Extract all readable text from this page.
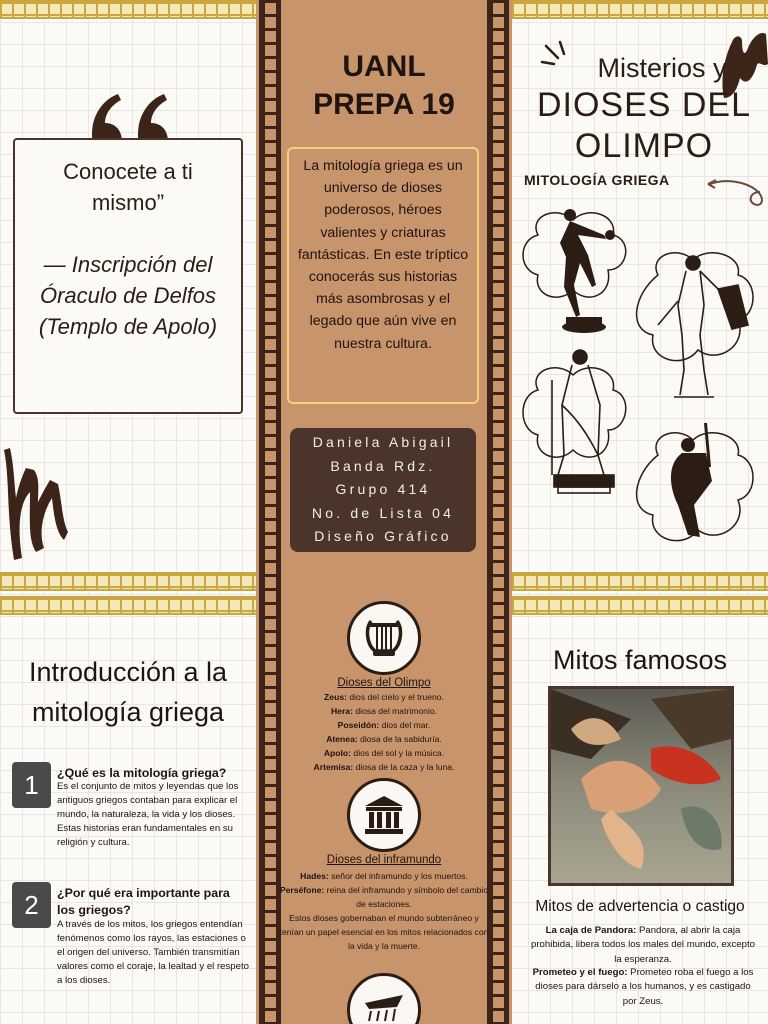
Conocete a ti mismo”
— Inscripción del Óraculo de Delfos (Templo de Apolo)
Introducción a la mitología griega
1	¿Qué es la mitología griega?
Es el conjunto de mitos y leyendas que los antiguos griegos contaban para explicar el mundo, la naturaleza, la vida y los dioses. Estas historias eran fundamentales en su religión y cultura.
2	¿Por qué era importante para los griegos?
A través de los mitos, los griegos entendían fenómenos como los rayos, las estaciones o el origen del universo. También transmitían valores como el coraje, la lealtad y el respeto a los dioses.
UANL
PREPA 19
La mitología griega es un universo de dioses poderosos, héroes valientes y criaturas fantásticas. En este tríptico conocerás sus historias más asombrosas y el legado que aún vive en nuestra cultura.
Daniela Abigail
Banda Rdz.
Grupo 414
No. de Lista 04
Diseño Gráfico
Dioses del Olimpo
Zeus: dios del cielo y el trueno.
Hera: diosa del matrimonio.
Poseidón: dios del mar.
Atenea: diosa de la sabiduría.
Apolo: dios del sol y la música.
Artemisa: diosa de la caza y la luna.
Dioses del inframundo
Hades: señor del inframundo y los muertos.
Perséfone: reina del inframundo y símbolo del cambio de estaciones.
Estos dioses gobernaban el mundo subterráneo y tenían un papel esencial en los mitos relacionados con la vida y la muerte.
Misterios y
DIOSES DEL
OLIMPO
MITOLOGÍA GRIEGA
Mitos famosos
Mitos de advertencia o castigo
La caja de Pandora: Pandora, al abrir la caja prohibida, libera todos los males del mundo, excepto la esperanza.
Prometeo y el fuego: Prometeo roba el fuego a los dioses para dárselo a los humanos, y es castigado por Zeus.
